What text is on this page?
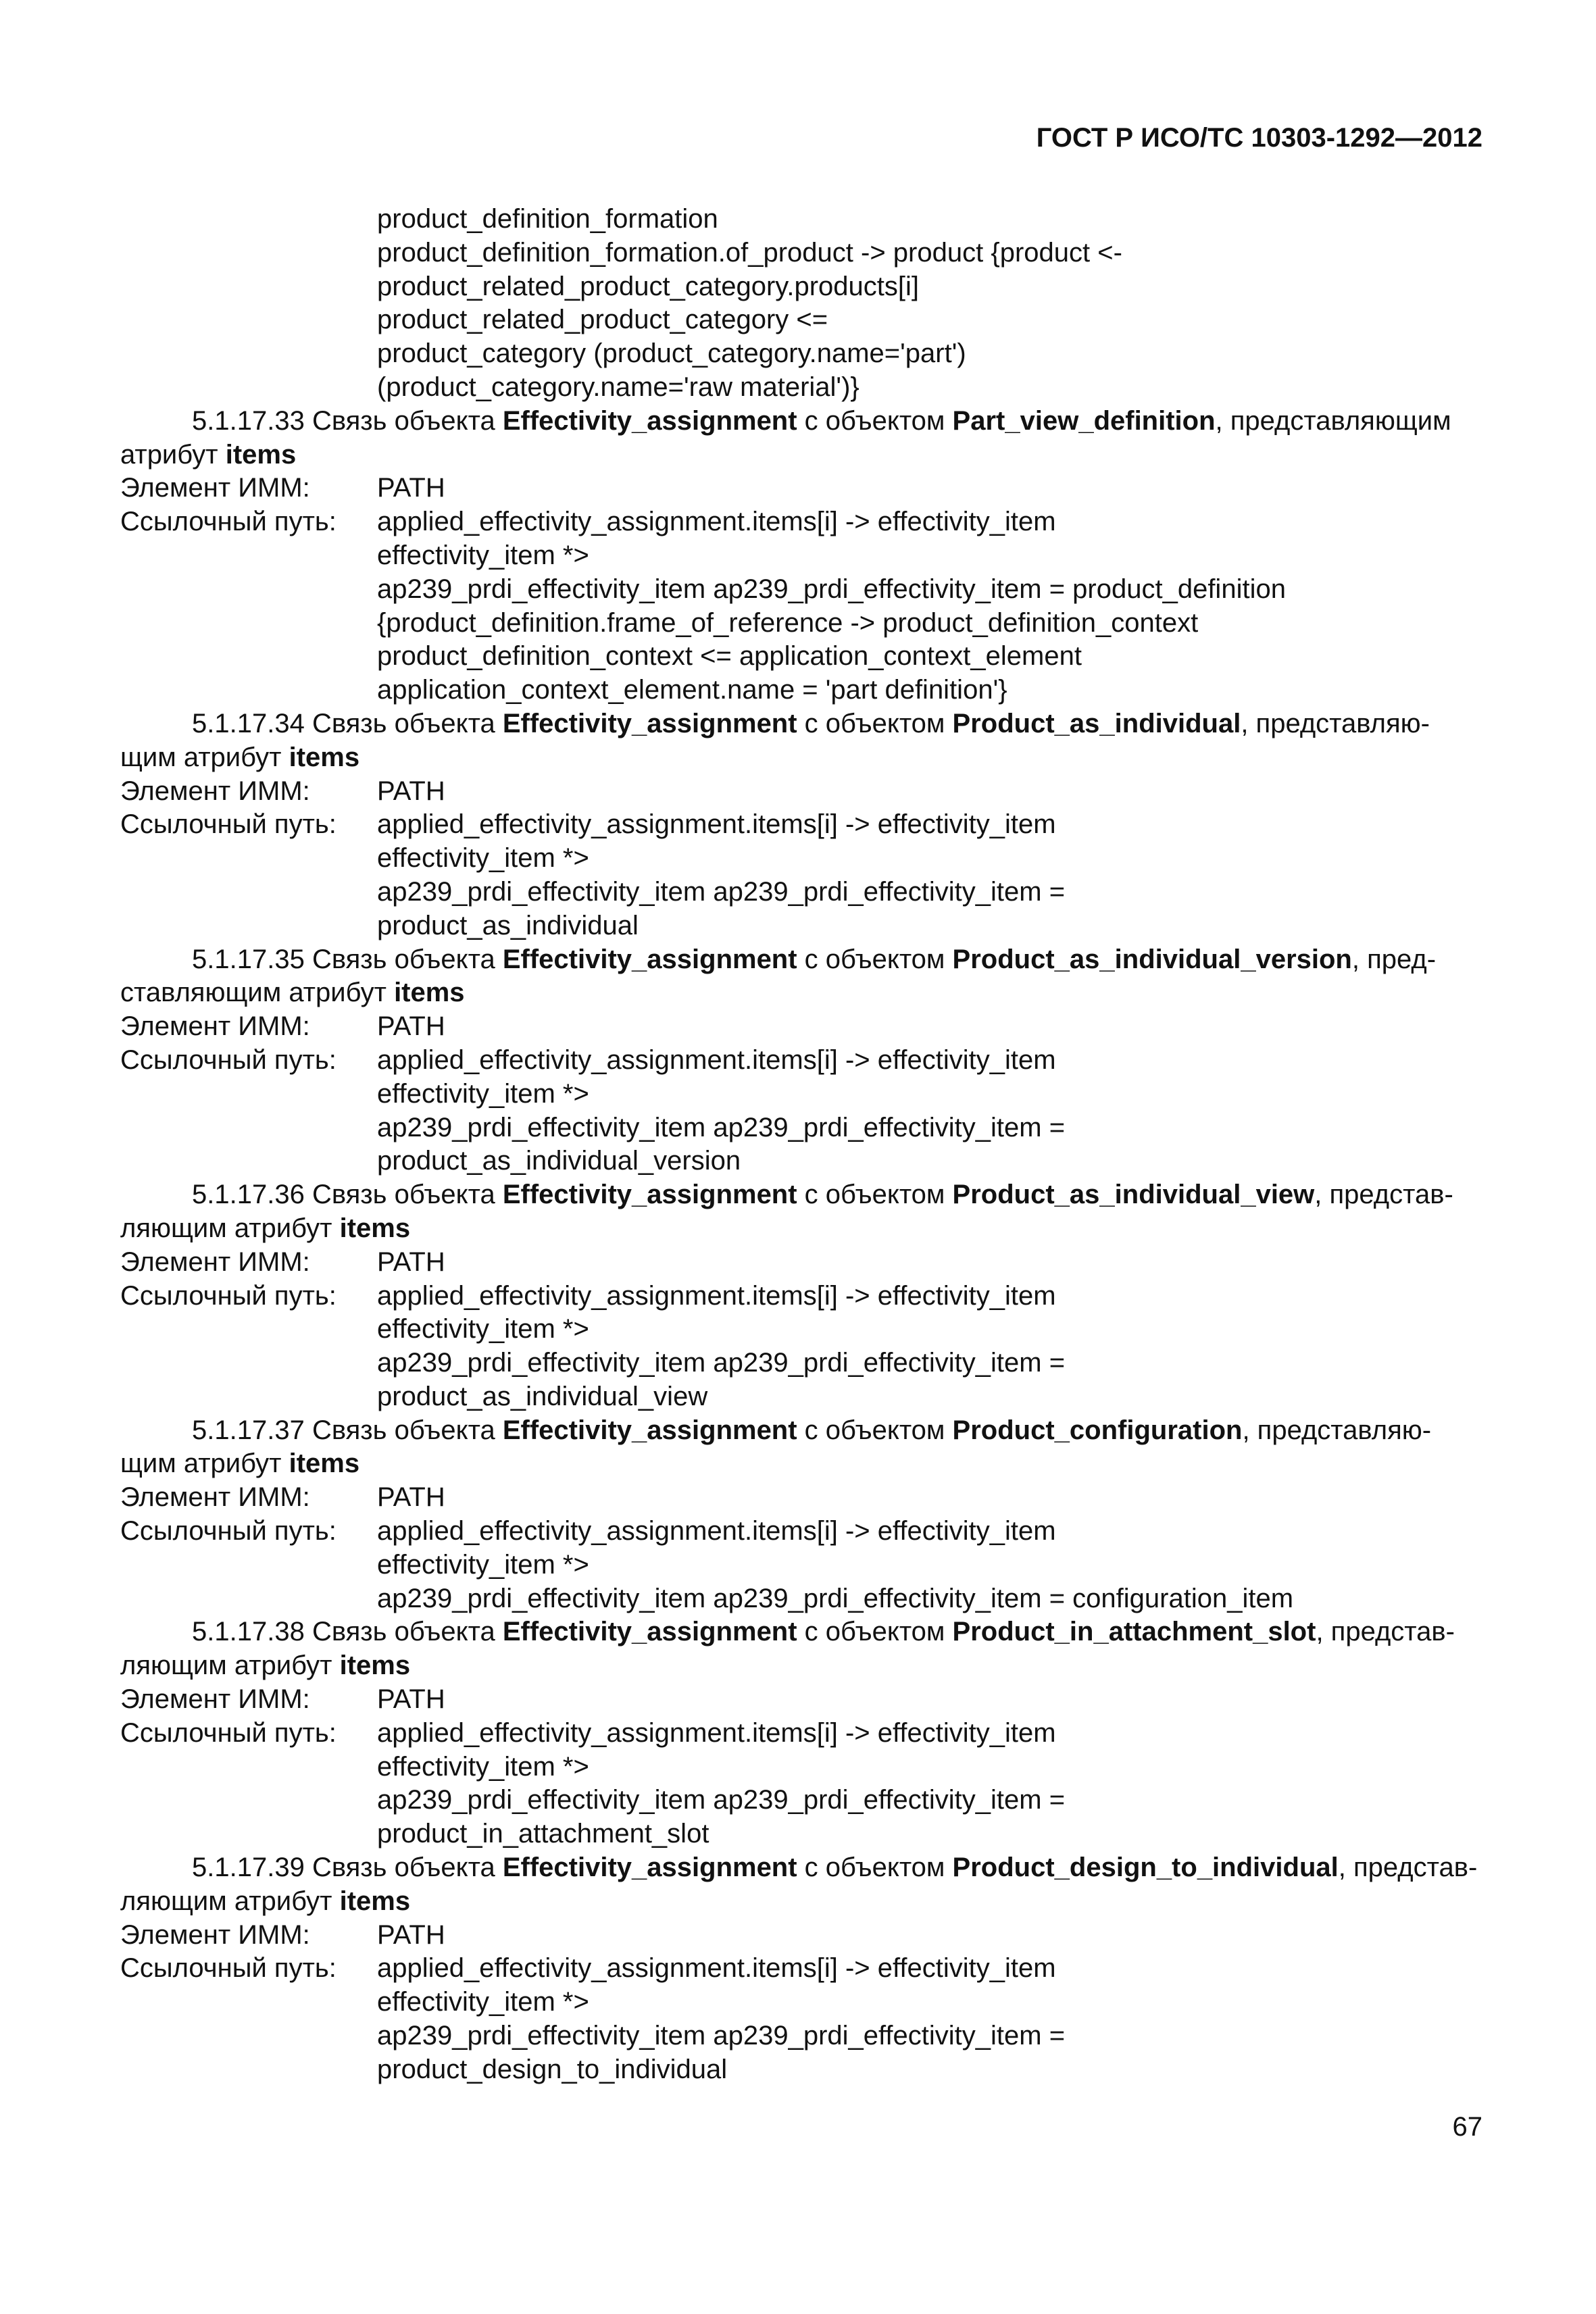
ГОСТ Р ИСО/ТС 10303-1292—2012
product_definition_formation
product_definition_formation.of_product -> product {product <-
product_related_product_category.products[i]
product_related_product_category <=
product_category (product_category.name='part')
(product_category.name='raw material')}
5.1.17.33 Связь объекта Effectivity_assignment с объектом Part_view_definition, представляющим
атрибут items
Элемент ИММ:	PATH
Ссылочный путь:	applied_effectivity_assignment.items[i] -> effectivity_item
effectivity_item *>
ap239_prdi_effectivity_item ap239_prdi_effectivity_item = product_definition
{product_definition.frame_of_reference -> product_definition_context
product_definition_context <= application_context_element
application_context_element.name = 'part definition'}
5.1.17.34 Связь объекта Effectivity_assignment с объектом Product_as_individual, представляю-
щим атрибут items
Элемент ИММ:	PATH
Ссылочный путь:	applied_effectivity_assignment.items[i] -> effectivity_item
effectivity_item *>
ap239_prdi_effectivity_item ap239_prdi_effectivity_item =
product_as_individual
5.1.17.35 Связь объекта Effectivity_assignment с объектом Product_as_individual_version, пред-
ставляющим атрибут items
Элемент ИММ:	PATH
Ссылочный путь:	applied_effectivity_assignment.items[i] -> effectivity_item
effectivity_item *>
ap239_prdi_effectivity_item ap239_prdi_effectivity_item =
product_as_individual_version
5.1.17.36 Связь объекта Effectivity_assignment с объектом Product_as_individual_view, представ-
ляющим атрибут items
Элемент ИММ:	PATH
Ссылочный путь:	applied_effectivity_assignment.items[i] -> effectivity_item
effectivity_item *>
ap239_prdi_effectivity_item ap239_prdi_effectivity_item =
product_as_individual_view
5.1.17.37 Связь объекта Effectivity_assignment с объектом Product_configuration, представляю-
щим атрибут items
Элемент ИММ:	PATH
Ссылочный путь:	applied_effectivity_assignment.items[i] -> effectivity_item
effectivity_item *>
ap239_prdi_effectivity_item ap239_prdi_effectivity_item = configuration_item
5.1.17.38 Связь объекта Effectivity_assignment с объектом Product_in_attachment_slot, представ-
ляющим атрибут items
Элемент ИММ:	PATH
Ссылочный путь:	applied_effectivity_assignment.items[i] -> effectivity_item
effectivity_item *>
ap239_prdi_effectivity_item ap239_prdi_effectivity_item =
product_in_attachment_slot
5.1.17.39 Связь объекта Effectivity_assignment с объектом Product_design_to_individual, представ-
ляющим атрибут items
Элемент ИММ:	PATH
Ссылочный путь:	applied_effectivity_assignment.items[i] -> effectivity_item
effectivity_item *>
ap239_prdi_effectivity_item ap239_prdi_effectivity_item =
product_design_to_individual
67
